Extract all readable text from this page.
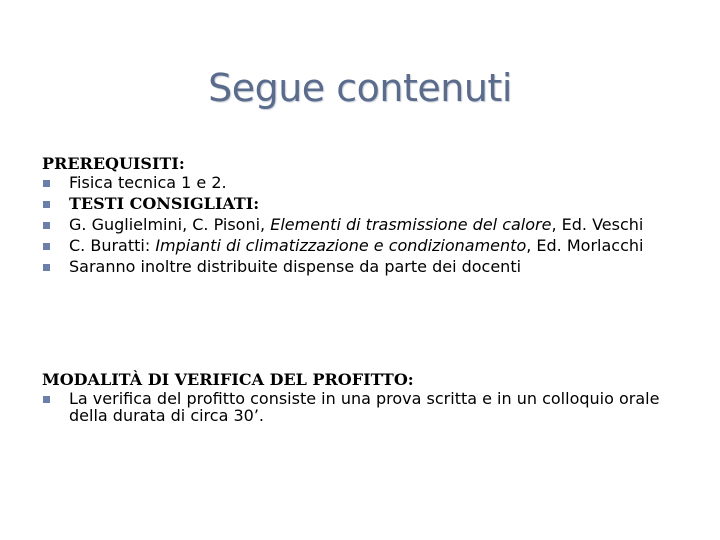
Segue contenuti

PREREQUISITI:

Fisica tecnica 1 e 2.
TESTI CONSIGLIATI:
G. Guglielmini, C. Pisoni, Elementi di trasmissione del calore, Ed. Veschi
C. Buratti: Impianti di climatizzazione e condizionamento, Ed. Morlacchi
Saranno inoltre distribuite dispense da parte dei docenti

MODALITÀ DI VERIFICA DEL PROFITTO:

La verifica del profitto consiste in una prova scritta e in un colloquio orale della durata di circa 30’.
